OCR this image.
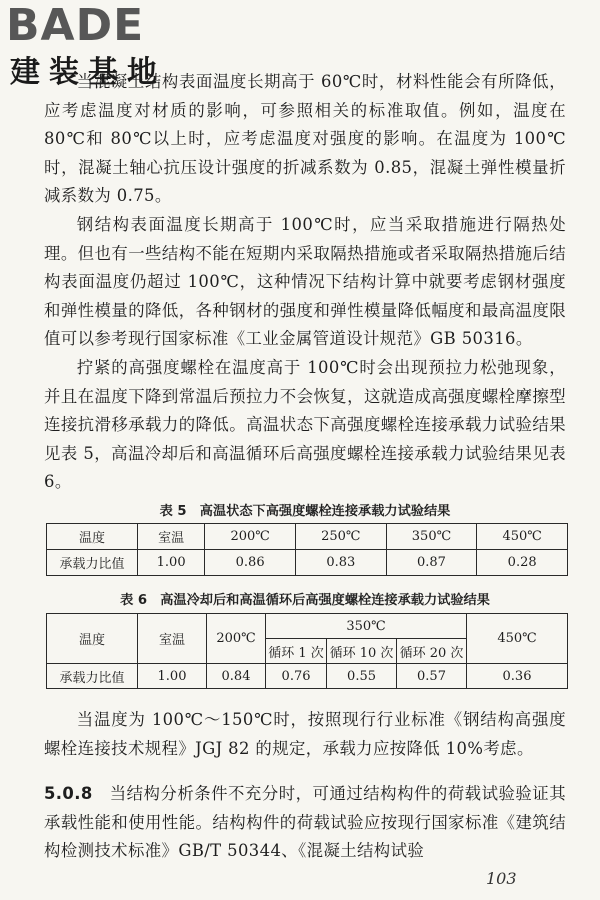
BADE
建装基地

当混凝土结构表面温度长期高于 60℃时，材料性能会有所降低，应考虑温度对材质的影响，可参照相关的标准取值。例如，温度在 80℃和 80℃以上时，应考虑温度对强度的影响。在温度为 100℃时，混凝土轴心抗压设计强度的折减系数为 0.85，混凝土弹性模量折减系数为 0.75。

钢结构表面温度长期高于 100℃时，应当采取措施进行隔热处理。但也有一些结构不能在短期内采取隔热措施或者采取隔热措施后结构表面温度仍超过 100℃，这种情况下结构计算中就要考虑钢材强度和弹性模量的降低，各种钢材的强度和弹性模量降低幅度和最高温度限值可以参考现行国家标准《工业金属管道设计规范》GB 50316。

拧紧的高强度螺栓在温度高于 100℃时会出现预拉力松弛现象，并且在温度下降到常温后预拉力不会恢复，这就造成高强度螺栓摩擦型连接抗滑移承载力的降低。高温状态下高强度螺栓连接承载力试验结果见表 5，高温冷却后和高温循环后高强度螺栓连接承载力试验结果见表 6。

表 5　高温状态下高强度螺栓连接承载力试验结果
温度	室温	200℃	250℃	350℃	450℃
承载力比值	1.00	0.86	0.83	0.87	0.28
表 6　高温冷却后和高温循环后高强度螺栓连接承载力试验结果
温度	室温	200℃	350℃			450℃
			循环 1 次	循环 10 次	循环 20 次	
承载力比值	1.00	0.84	0.76	0.55	0.57	0.36

当温度为 100℃～150℃时，按照现行行业标准《钢结构高强度螺栓连接技术规程》JGJ 82 的规定，承载力应按降低 10%考虑。

5.0.8　 当结构分析条件不充分时，可通过结构构件的荷载试验验证其承载性能和使用性能。结构构件的荷载试验应按现行国家标准《建筑结构检测技术标准》GB/T 50344、《混凝土结构试验

103
